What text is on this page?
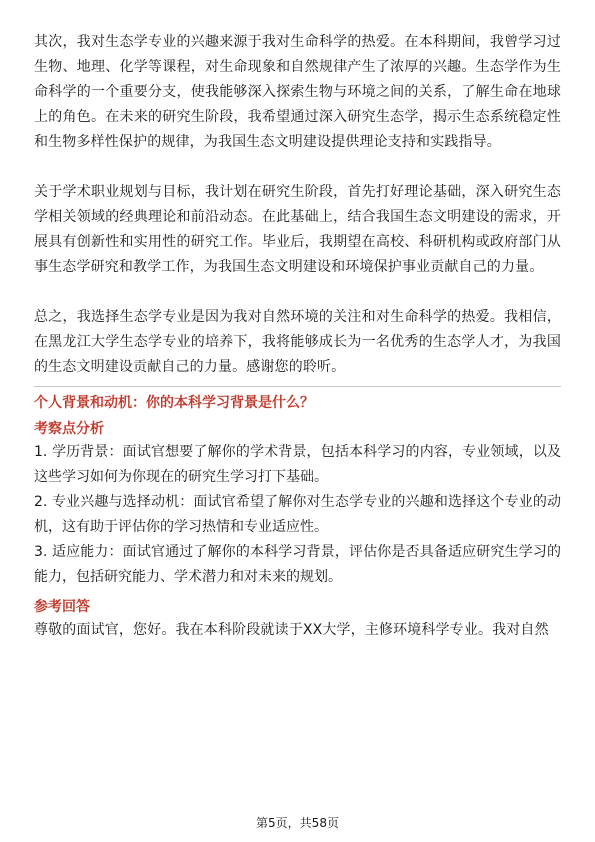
其次，我对生态学专业的兴趣来源于我对生命科学的热爱。在本科期间，我曾学习过生物、地理、化学等课程，对生命现象和自然规律产生了浓厚的兴趣。生态学作为生命科学的一个重要分支，使我能够深入探索生物与环境之间的关系，了解生命在地球上的角色。在未来的研究生阶段，我希望通过深入研究生态学，揭示生态系统稳定性和生物多样性保护的规律，为我国生态文明建设提供理论支持和实践指导。

关于学术职业规划与目标，我计划在研究生阶段，首先打好理论基础，深入研究生态学相关领域的经典理论和前沿动态。在此基础上，结合我国生态文明建设的需求，开展具有创新性和实用性的研究工作。毕业后，我期望在高校、科研机构或政府部门从事生态学研究和教学工作，为我国生态文明建设和环境保护事业贡献自己的力量。

总之，我选择生态学专业是因为我对自然环境的关注和对生命科学的热爱。我相信，在黑龙江大学生态学专业的培养下，我将能够成长为一名优秀的生态学人才，为我国的生态文明建设贡献自己的力量。感谢您的聆听。

个人背景和动机：你的本科学习背景是什么？

考察点分析

1. 学历背景：面试官想要了解你的学术背景，包括本科学习的内容，专业领域，以及这些学习如何为你现在的研究生学习打下基础。

2. 专业兴趣与选择动机：面试官希望了解你对生态学专业的兴趣和选择这个专业的动机，这有助于评估你的学习热情和专业适应性。

3. 适应能力：面试官通过了解你的本科学习背景，评估你是否具备适应研究生学习的能力，包括研究能力、学术潜力和对未来的规划。

参考回答

尊敬的面试官，您好。我在本科阶段就读于XX大学，主修环境科学专业。我对自然

第5页，共58页
